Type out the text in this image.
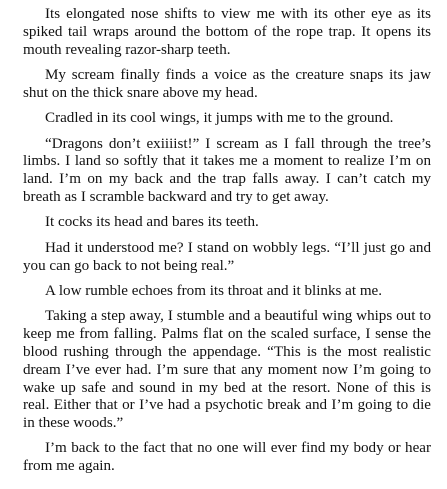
Its elongated nose shifts to view me with its other eye as its spiked tail wraps around the bottom of the rope trap. It opens its mouth revealing razor-sharp teeth.

My scream finally finds a voice as the creature snaps its jaw shut on the thick snare above my head.

Cradled in its cool wings, it jumps with me to the ground.

“Dragons don’t exiiiist!” I scream as I fall through the tree’s limbs. I land so softly that it takes me a moment to realize I’m on land. I’m on my back and the trap falls away. I can’t catch my breath as I scramble backward and try to get away.

It cocks its head and bares its teeth.

Had it understood me? I stand on wobbly legs. “I’ll just go and you can go back to not being real.”

A low rumble echoes from its throat and it blinks at me.

Taking a step away, I stumble and a beautiful wing whips out to keep me from falling. Palms flat on the scaled surface, I sense the blood rushing through the appendage. “This is the most realistic dream I’ve ever had. I’m sure that any moment now I’m going to wake up safe and sound in my bed at the resort. None of this is real. Either that or I’ve had a psychotic break and I’m going to die in these woods.”

I’m back to the fact that no one will ever find my body or hear from me again.
